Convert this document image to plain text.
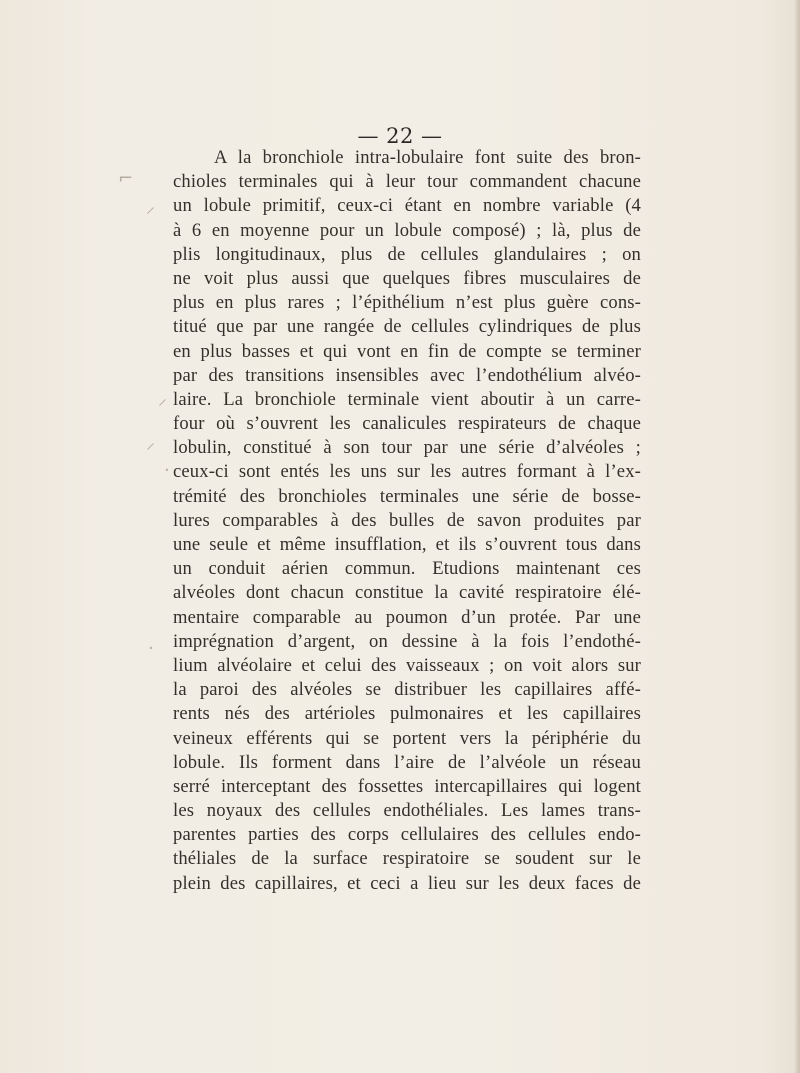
— 22 —
⌐
⸍
⸍
⸍
·
·
A la bronchiole intra-lobulaire font suite des bron-
chioles terminales qui à leur tour commandent chacune
un lobule primitif, ceux-ci étant en nombre variable (4
à 6 en moyenne pour un lobule composé) ; là, plus de
plis longitudinaux, plus de cellules glandulaires ; on
ne voit plus aussi que quelques fibres musculaires de
plus en plus rares ; l’épithélium n’est plus guère cons-
titué que par une rangée de cellules cylindriques de plus
en plus basses et qui vont en fin de compte se terminer
par des transitions insensibles avec l’endothélium alvéo-
laire. La bronchiole terminale vient aboutir à un carre-
four où s’ouvrent les canalicules respirateurs de chaque
lobulin, constitué à son tour par une série d’alvéoles ;
ceux-ci sont entés les uns sur les autres formant à l’ex-
trémité des bronchioles terminales une série de bosse-
lures comparables à des bulles de savon produites par
une seule et même insufflation, et ils s’ouvrent tous dans
un conduit aérien commun. Etudions maintenant ces
alvéoles dont chacun constitue la cavité respiratoire élé-
mentaire comparable au poumon d’un protée. Par une
imprégnation d’argent, on dessine à la fois l’endothé-
lium alvéolaire et celui des vaisseaux ; on voit alors sur
la paroi des alvéoles se distribuer les capillaires affé-
rents nés des artérioles pulmonaires et les capillaires
veineux efférents qui se portent vers la périphérie du
lobule. Ils forment dans l’aire de l’alvéole un réseau
serré interceptant des fossettes intercapillaires qui logent
les noyaux des cellules endothéliales. Les lames trans-
parentes parties des corps cellulaires des cellules endo-
théliales de la surface respiratoire se soudent sur le
plein des capillaires, et ceci a lieu sur les deux faces de
